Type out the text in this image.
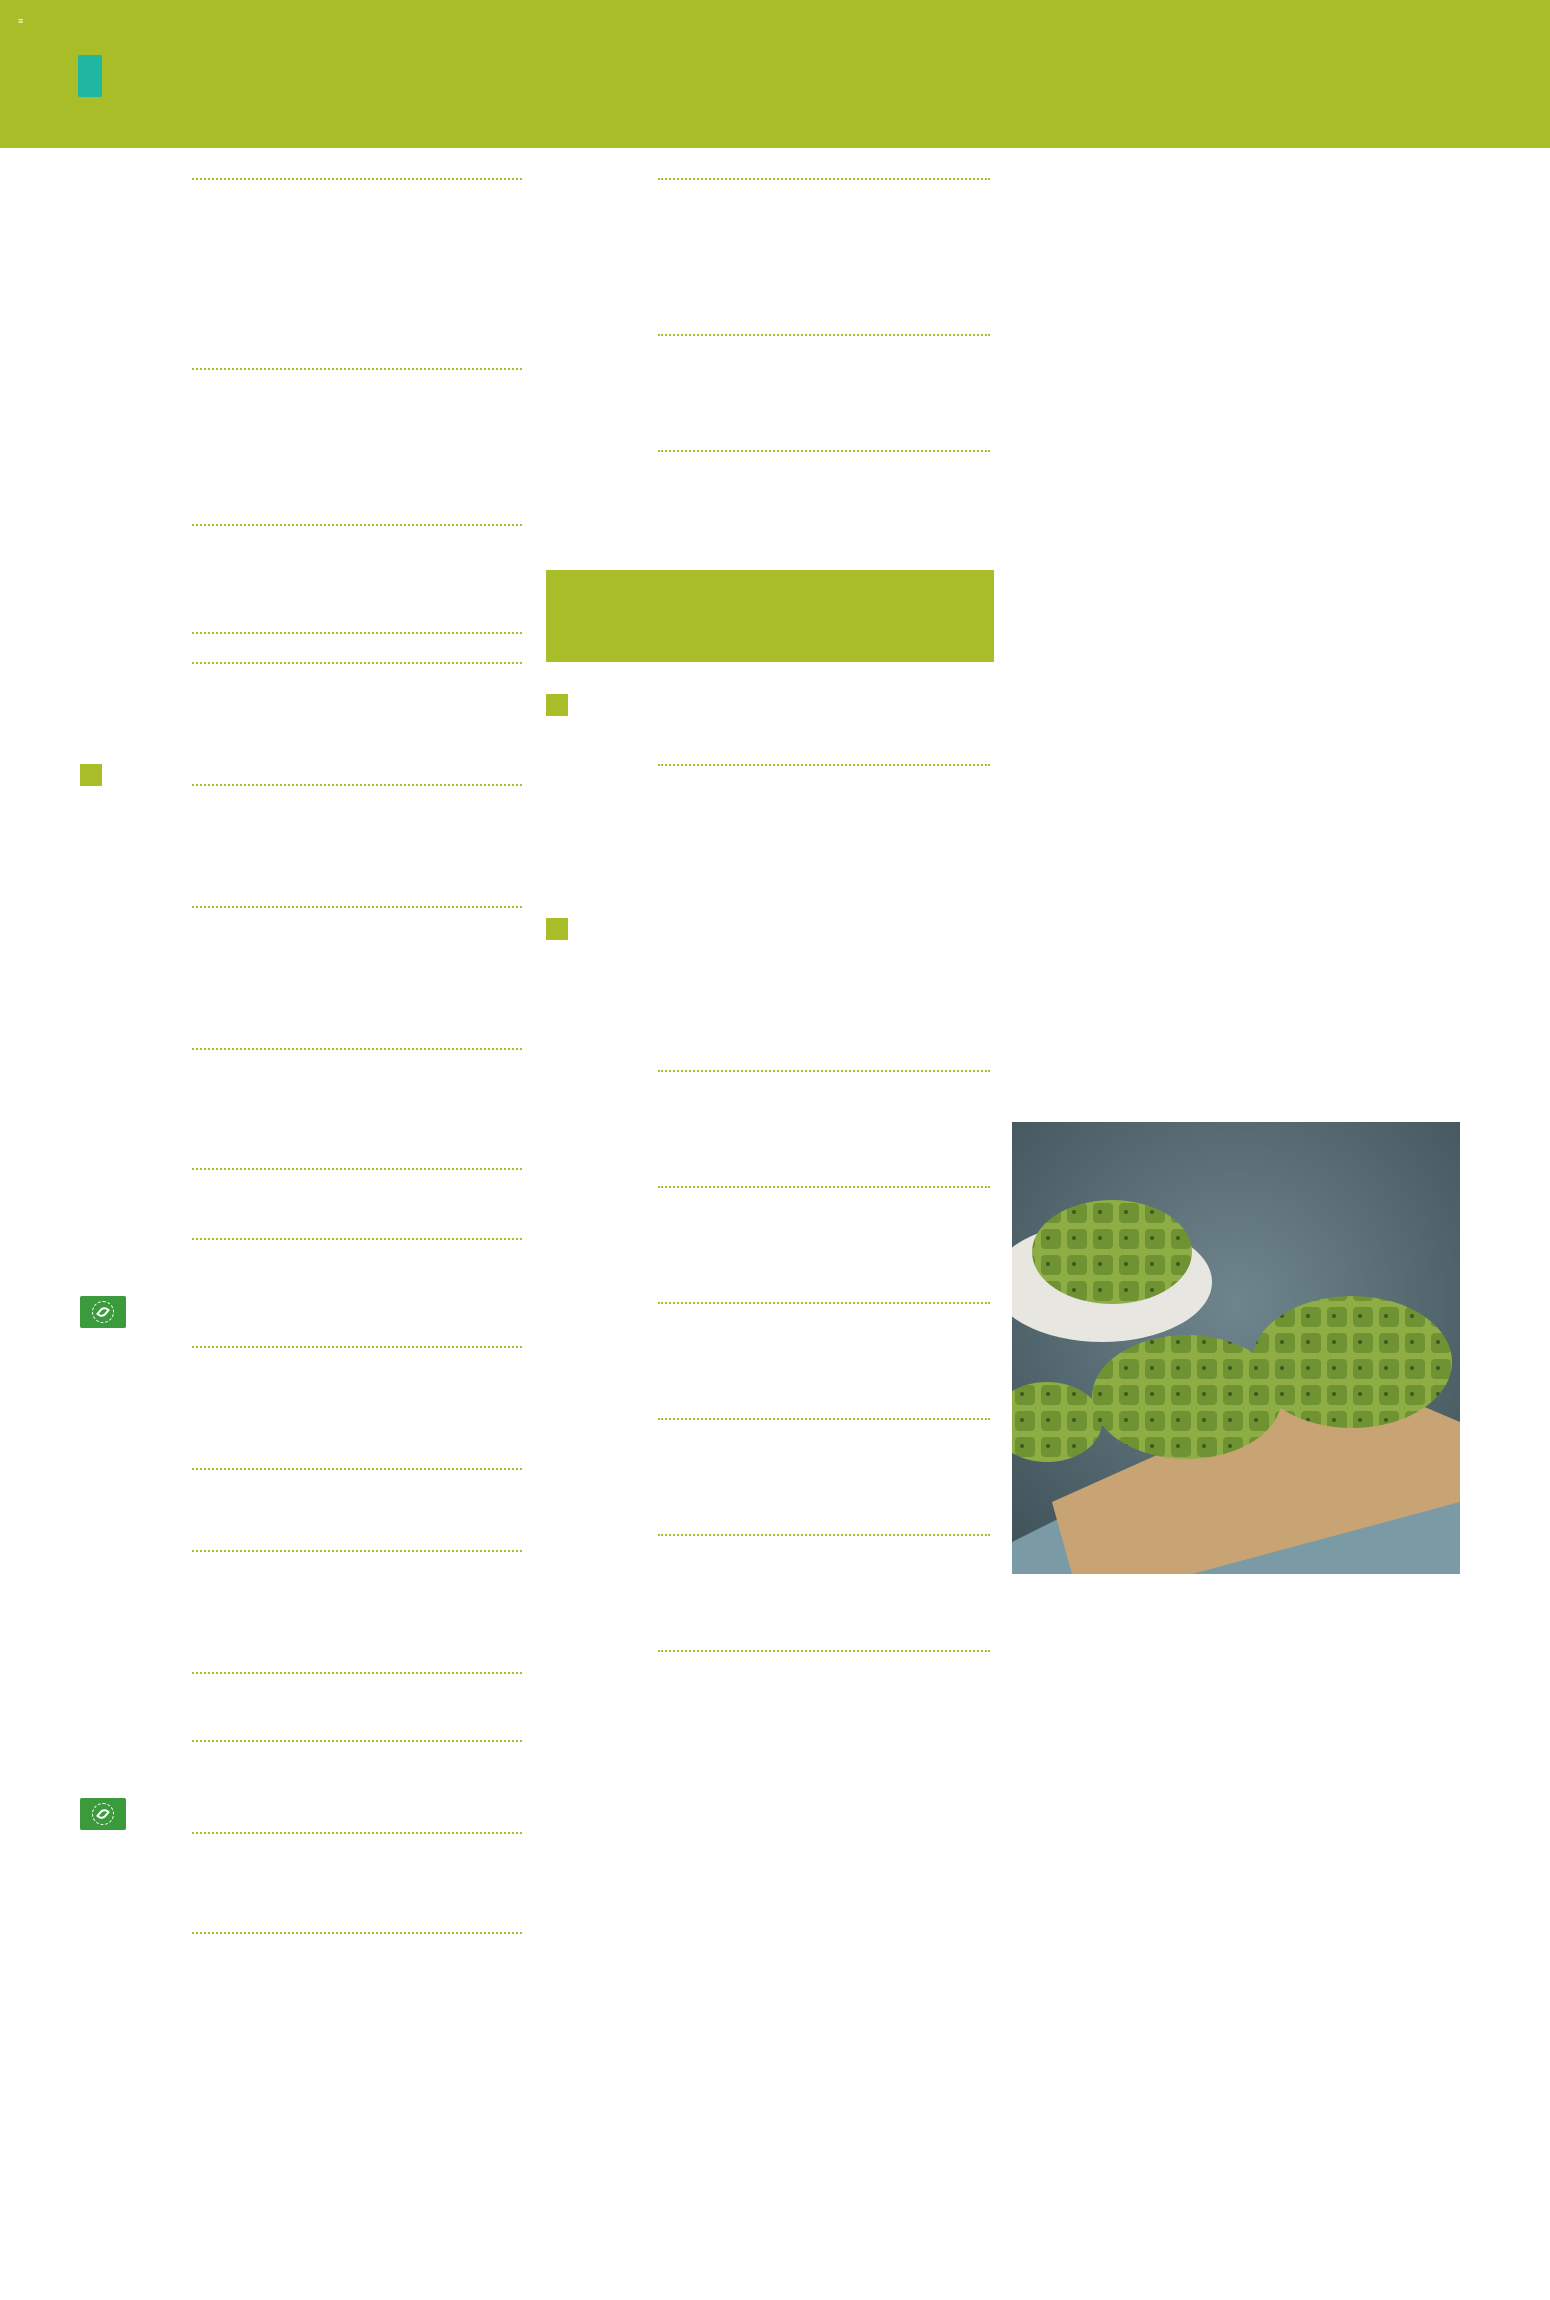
≡
